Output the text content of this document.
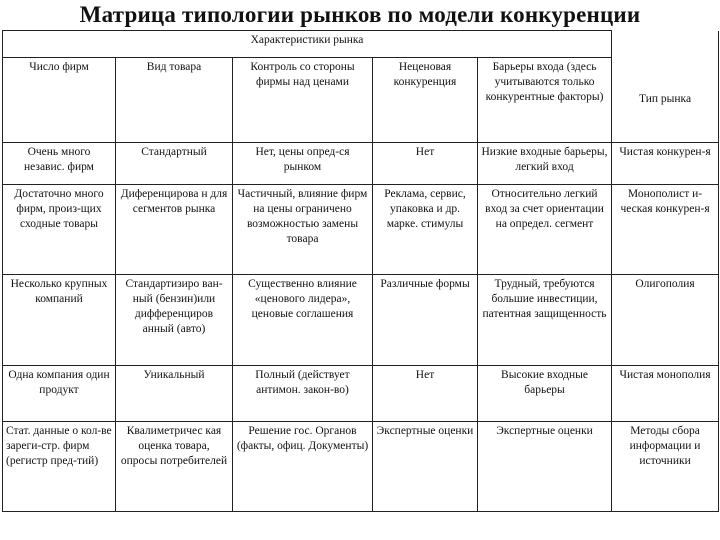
Матрица типологии рынков по модели конкуренции
Характеристики рынка					
Число фирм	Вид товара	Контроль со стороны фирмы над ценами	Неценовая конкуренция	Барьеры входа (здесь учитываются только конкурентные факторы)	Тип рынка
Очень много независ. фирм	Стандартный	Нет, цены опред-ся рынком	Нет	Низкие входные барьеры, легкий вход	Чистая конкурен-я
Достаточно много фирм, произ-щих сходные товары	Диференцирова н для сегментов рынка	Частичный, влияние фирм на цены ограничено возможностью замены товара	Реклама, сервис, упаковка и др. марке. стимулы	Относительно легкий вход за счет ориентации на определ. сегмент	Монополист и-ческая конкурен-я
Несколько крупных компаний	Стандартизиро ван-ный (бензин)или дифференциров анный (авто)	Существенно влияние «ценового лидера», ценовые соглашения	Различные формы	Трудный, требуются большие инвестиции, патентная защищенность	Олигополия
Одна компания один продукт	Уникальный	Полный (действует антимон. закон-во)	Нет	Высокие входные барьеры	Чистая монополия
Стат. данные о кол-ве зареги-стр. фирм (регистр пред-тий)	Квалиметричес кая оценка товара, опросы потребителей	Решение гос. Органов (факты, офиц. Документы)	Экспертные оценки	Экспертные оценки	Методы сбора информации и источники
